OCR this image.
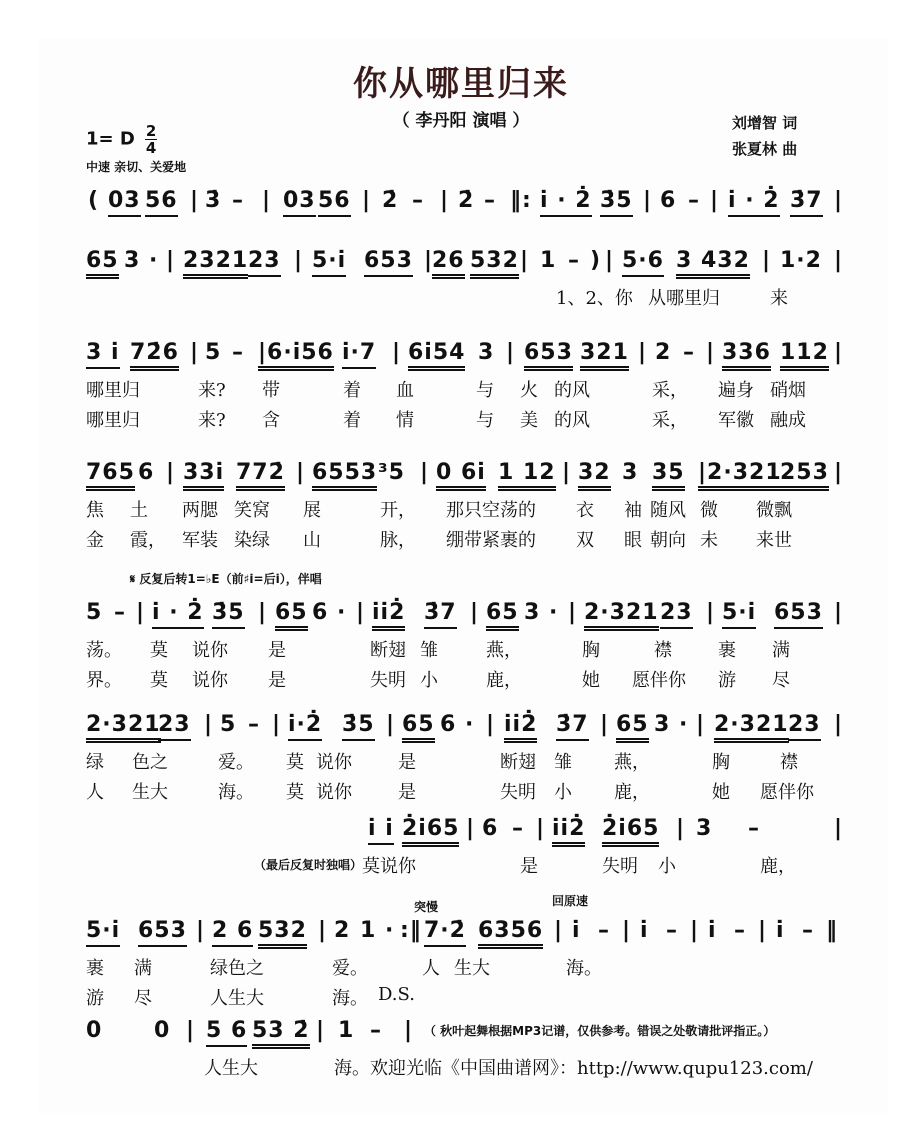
你从哪里归来
（ 李丹阳 演唱 ）	刘增智 词
张夏林 曲
1= D $\frac{2}{4}$
中速 亲切、关爱地
( 03 56 | 3̇ – | 03 56 | 2̇ – | 2̇ – ‖: i̇ · 2̇ 3̇5 | 6 – | i̇ · 2̇ 3̇7 |
65 3 · | 2321 23 | 5·i̇ 653 |
26 532 | 1 – ) | 5·6 3 432 | 1·2 |
1、2、你 从哪里归	来
3 i̇ 72̇6 | 5 – |6·i̇56 i̇·7 | 6i̇54 3 | 653 321 | 2 – | 336 112 |
哪里归	来? 带	着 血	与 火 的风	采， 遍身 硝烟
哪里归	来? 含	着 情	与 美 的风	采， 军徽 融成
765 6 | 33i̇ 772̇ | 6553 ³5 | 0 6i̇ 1 12 | 32 3 35 |2·321
253 |
焦 土 两腮 笑窝 展	开， 那只空荡的 衣 袖 随风 微 微飘
金 霞， 军装 染绿 山	脉， 绷带紧裹的 双 眼 朝向 未 来世
𝄋 反复后转1=♭E（前♯i̇=后i̇），伴唱
5 – | i̇ · 2̇ 3̇5 | 65 6 · | i̇i̇2̇ 3̇7 | 65 3 · | 2·321 23 | 5·i̇ 653 |
荡。 莫 说你 是	断翅 雏	燕，	胸	襟	裹 满
界。 莫 说你 是	失明 小	鹿，	她 愿伴你 游 尽
2·321
23 | 5 – | i̇·2̇ 3̇5 | 65 6 · | i̇i̇2̇ 3̇7 | 65 3 · | 2·321 23 |
绿 色之	爱。 莫 说你	是	断翅 雏 燕，	胸	襟
人 生大	海。 莫 说你	是	失明 小 鹿，	她 愿伴你
i̇ i̇ 2̇i̇65 | 6 – | i̇i̇2̇ 2̇i̇65 | 3 –	|
（最后反复时独唱） 莫说你	是	失明 小	鹿，
突慢	回原速
5·i̇ 653 | 2 6 532 | 2 1 · :‖ 7·2̇ 6356 | i̇ – | i̇ – | i̇ – | i̇ – ‖
裹 满	绿色之	爱。	人 生大	海。
游 尽	人生大	海。 D.S.
0 0 | 5 6 53 2̇ | 1 – | （ 秋叶起舞根据MP3记谱，仅供参考。错误之处敬请批评指正。）
人生大	海。欢迎光临《中国曲谱网》：http://www.qupu123.com/
